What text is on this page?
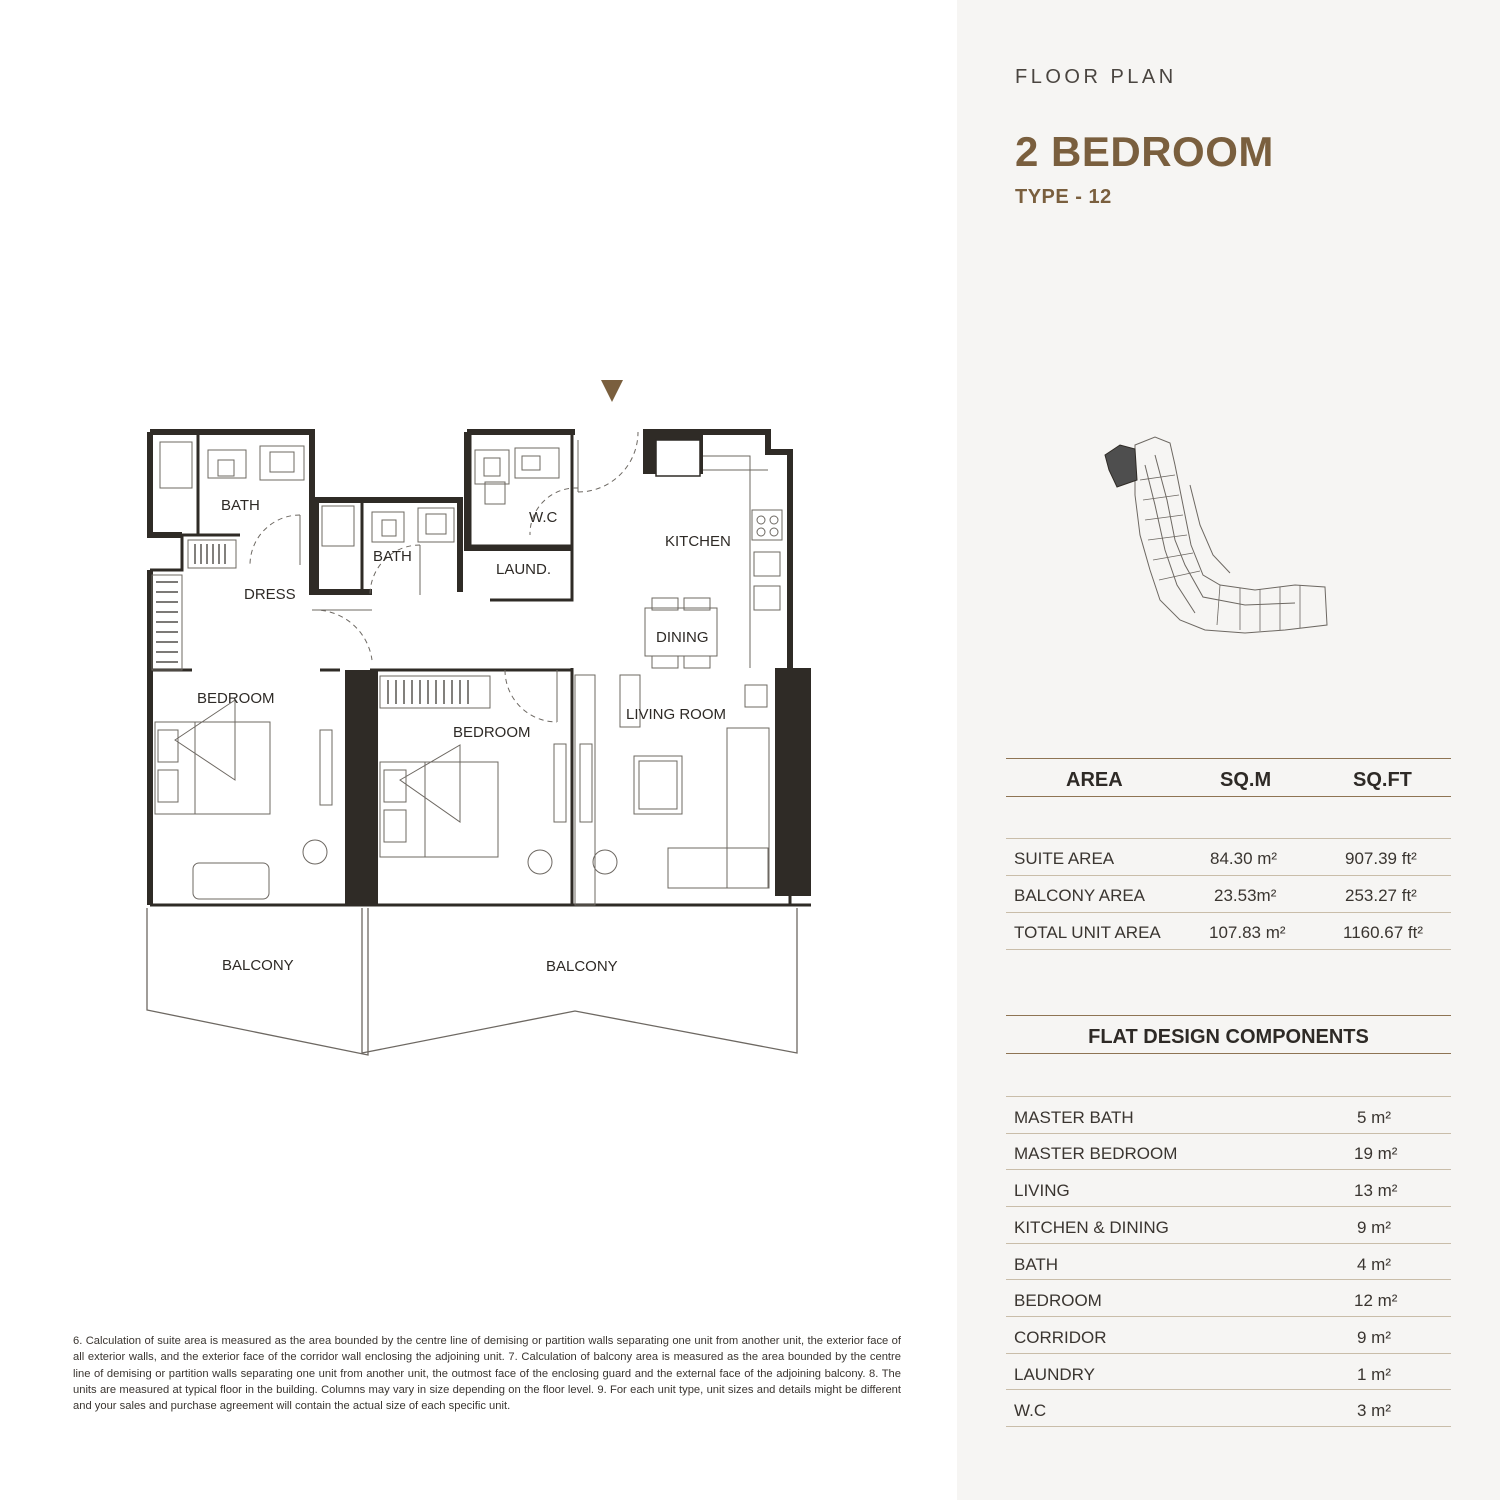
FLOOR PLAN
2 BEDROOM
TYPE - 12
AREA	SQ.M	SQ.FT
SUITE AREA	84.30 m²	907.39 ft²
BALCONY AREA	23.53m²	253.27 ft²
TOTAL UNIT AREA	107.83 m²	1160.67 ft²
FLAT DESIGN COMPONENTS
MASTER BATH	5 m²
MASTER BEDROOM	19 m²
LIVING	13 m²
KITCHEN & DINING	9 m²
BATH	4 m²
BEDROOM	12 m²
CORRIDOR	9 m²
LAUNDRY	1 m²
W.C	3 m²
BATH
DRESS
BATH
W.C
LAUND.
KITCHEN
DINING
BEDROOM
BEDROOM
LIVING ROOM
BALCONY	BALCONY
6. Calculation of suite area is measured as the area bounded by the centre line of demising or partition walls separating one unit from another unit, the exterior face of all exterior walls, and the exterior face of the corridor wall enclosing the adjoining unit. 7. Calculation of balcony area is measured as the area bounded by the centre line of demising or partition walls separating one unit from another unit, the outmost face of the enclosing guard and the external face of the adjoining balcony. 8. The units are measured at typical floor in the building. Columns may vary in size depending on the floor level. 9. For each unit type, unit sizes and details might be different and your sales and purchase agreement will contain the actual size of each specific unit.
